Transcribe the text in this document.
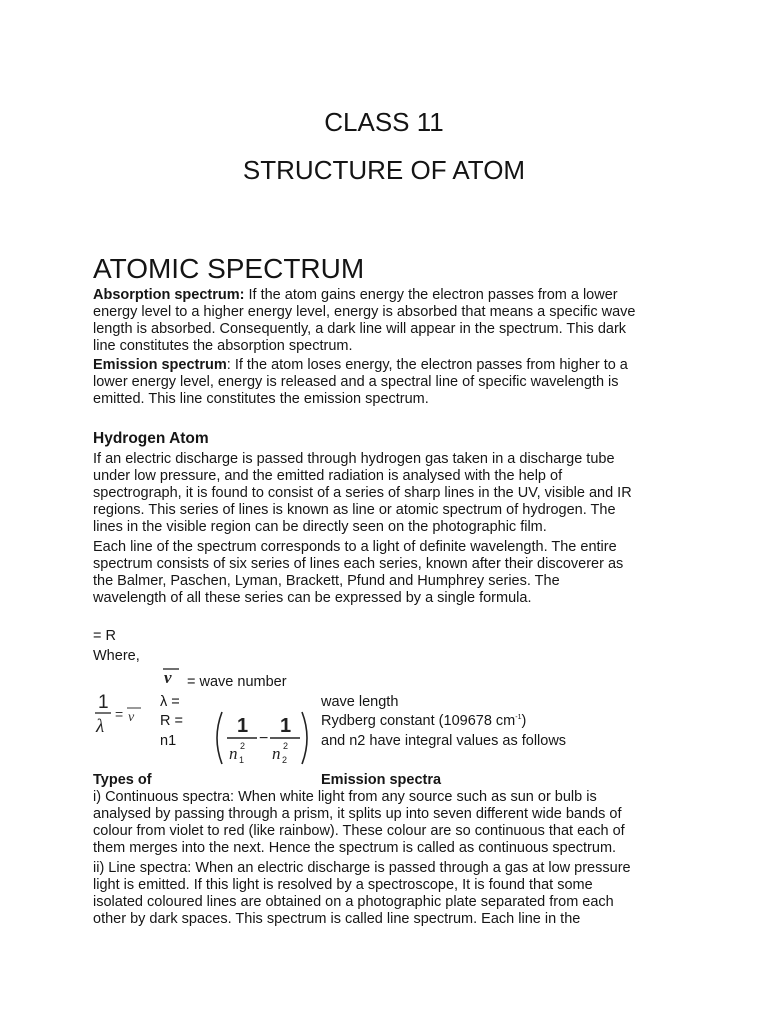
CLASS 11
STRUCTURE OF ATOM
ATOMIC SPECTRUM
Absorption spectrum: If the atom gains energy the electron passes from a lower
energy level to a higher energy level, energy is absorbed that means a specific wave
length is absorbed. Consequently, a dark line will appear in the spectrum. This dark
line constitutes the absorption spectrum.
Emission spectrum: If the atom loses energy, the electron passes from higher to a
lower energy level, energy is released and a spectral line of specific wavelength is
emitted. This line constitutes the emission spectrum.
Hydrogen Atom
If an electric discharge is passed through hydrogen gas taken in a discharge tube
under low pressure, and the emitted radiation is analysed with the help of
spectrograph, it is found to consist of a series of sharp lines in the UV, visible and IR
regions. This series of lines is known as line or atomic spectrum of hydrogen. The
lines in the visible region can be directly seen on the photographic film.
Each line of the spectrum corresponds to a light of definite wavelength. The entire
spectrum consists of six series of lines each series, known after their discoverer as
the Balmer, Paschen, Lyman, Brackett, Pfund and Humphrey series. The
wavelength of all these series can be expressed by a single formula.
= R
Where,
ν = wave number
1
λ
= ν
λ =	wave length
R =	Rydberg constant (109678 $cm^{-1}$)
n1	and n2 have integral values as follows
1
n 1
2 −
1
n 2
2
Types of	Emission spectra
i) Continuous spectra: When white light from any source such as sun or bulb is
analysed by passing through a prism, it splits up into seven different wide bands of
colour from violet to red (like rainbow). These colour are so continuous that each of
them merges into the next. Hence the spectrum is called as continuous spectrum.
ii) Line spectra: When an electric discharge is passed through a gas at low pressure
light is emitted. If this light is resolved by a spectroscope, It is found that some
isolated coloured lines are obtained on a photographic plate separated from each
other by dark spaces. This spectrum is called line spectrum. Each line in the
